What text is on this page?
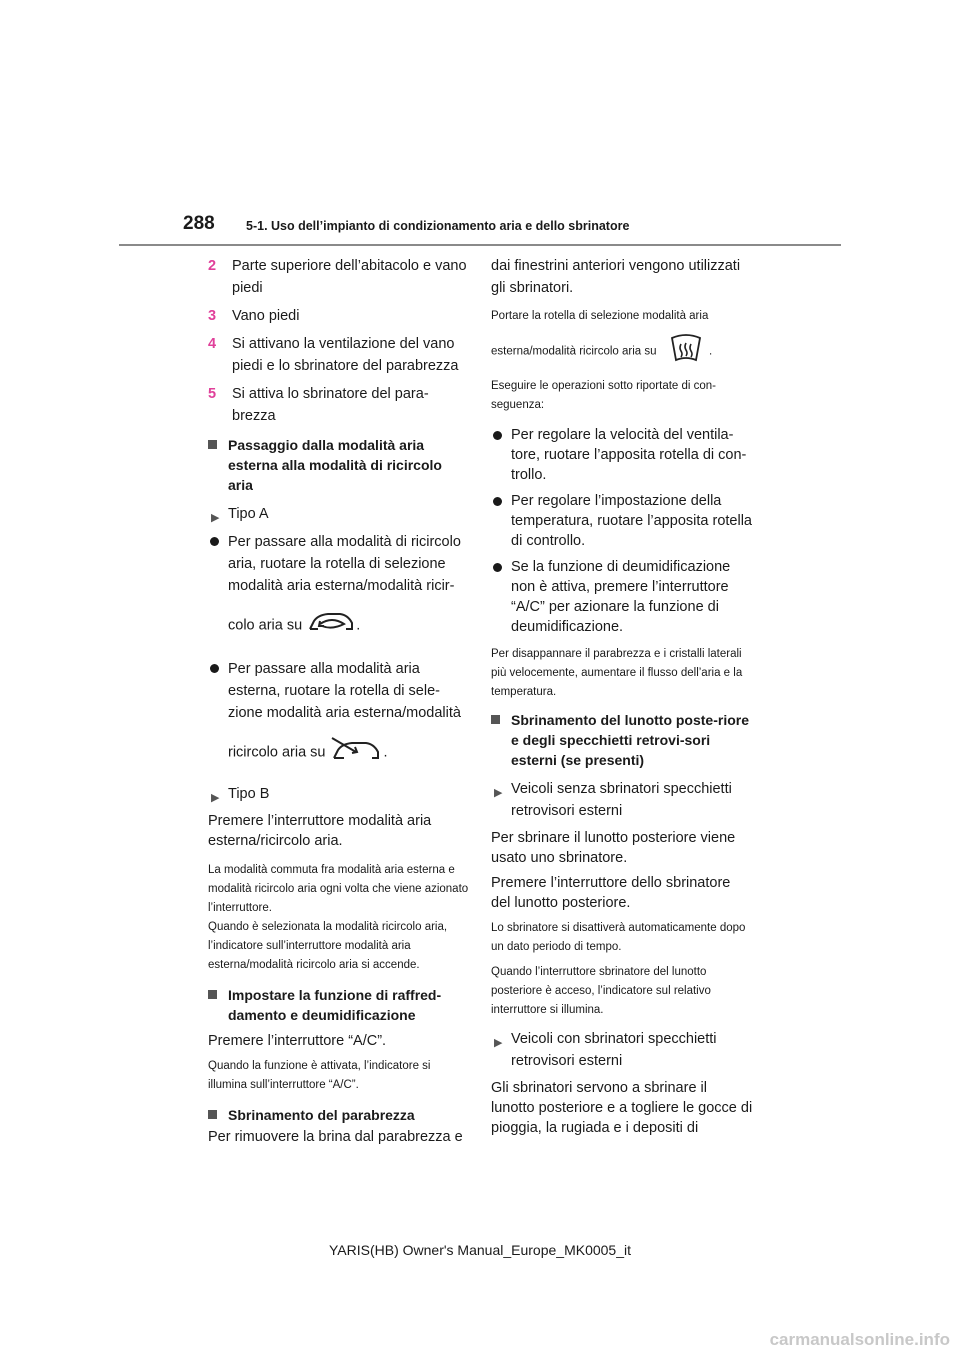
288	5-1. Uso dell’impianto di condizionamento aria e dello sbrinatore
2 Parte superiore dell’abitacolo e vano piedi
3 Vano piedi
4 Si attivano la ventilazione del vano piedi e lo sbrinatore del parabrezza
5 Si attiva lo sbrinatore del para-brezza
Passaggio dalla modalità aria esterna alla modalità di ricircolo aria
▶ Tipo A
Per passare alla modalità di ricircolo aria, ruotare la rotella di selezione modalità aria esterna/modalità ricir-
colo aria su	.
Per passare alla modalità aria esterna, ruotare la rotella di sele-zione modalità aria esterna/modalità
ricircolo aria su	.
▶ Tipo B

Premere l’interruttore modalità aria esterna/ricircolo aria.

La modalità commuta fra modalità aria esterna e modalità ricircolo aria ogni volta che viene azionato l’interruttore.

Quando è selezionata la modalità ricircolo aria, l’indicatore sull’interruttore modalità aria esterna/modalità ricircolo aria si accende.

Impostare la funzione di raffred-damento e deumidificazione

Premere l’interruttore “A/C”.

Quando la funzione è attivata, l’indicatore si illumina sull’interruttore “A/C”.

Sbrinamento del parabrezza

Per rimuovere la brina dal parabrezza e

dai finestrini anteriori vengono utilizzati gli sbrinatori.

Portare la rotella di selezione modalità aria

esterna/modalità ricircolo aria su	.

Eseguire le operazioni sotto riportate di con-seguenza:

Per regolare la velocità del ventila-tore, ruotare l’apposita rotella di con-trollo.
Per regolare l’impostazione della temperatura, ruotare l’apposita rotella di controllo.
Se la funzione di deumidificazione non è attiva, premere l’interruttore “A/C” per azionare la funzione di deumidificazione.

Per disappannare il parabrezza e i cristalli laterali più velocemente, aumentare il flusso dell’aria e la temperatura.

Sbrinamento del lunotto poste-riore e degli specchietti retrovi-sori esterni (se presenti)
▶ Veicoli senza sbrinatori specchietti retrovisori esterni

Per sbrinare il lunotto posteriore viene usato uno sbrinatore.

Premere l’interruttore dello sbrinatore del lunotto posteriore.

Lo sbrinatore si disattiverà automaticamente dopo un dato periodo di tempo.

Quando l’interruttore sbrinatore del lunotto posteriore è acceso, l’indicatore sul relativo interruttore si illumina.

▶ Veicoli con sbrinatori specchietti retrovisori esterni

Gli sbrinatori servono a sbrinare il lunotto posteriore e a togliere le gocce di pioggia, la rugiada e i depositi di

YARIS(HB) Owner's Manual_Europe_MK0005_it
carmanualsonline.info
